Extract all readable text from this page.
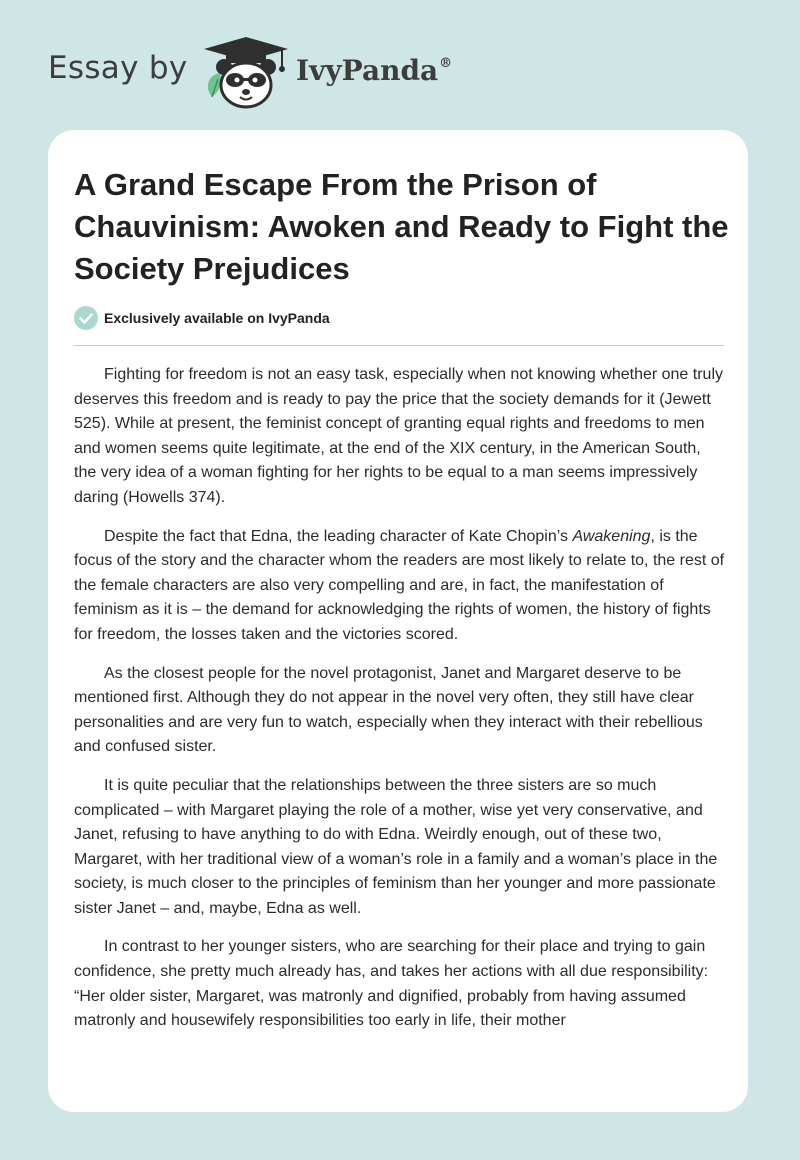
Essay by	IvyPanda®
A Grand Escape From the Prison of Chauvinism: Awoken and Ready to Fight the Society Prejudices
Exclusively available on IvyPanda

Fighting for freedom is not an easy task, especially when not knowing whether one truly deserves this freedom and is ready to pay the price that the society demands for it (Jewett 525). While at present, the feminist concept of granting equal rights and freedoms to men and women seems quite legitimate, at the end of the XIX century, in the American South, the very idea of a woman fighting for her rights to be equal to a man seems impressively daring (Howells 374).

Despite the fact that Edna, the leading character of Kate Chopin’s Awakening, is the focus of the story and the character whom the readers are most likely to relate to, the rest of the female characters are also very compelling and are, in fact, the manifestation of feminism as it is – the demand for acknowledging the rights of women, the history of fights for freedom, the losses taken and the victories scored.

As the closest people for the novel protagonist, Janet and Margaret deserve to be mentioned first. Although they do not appear in the novel very often, they still have clear personalities and are very fun to watch, especially when they interact with their rebellious and confused sister.

It is quite peculiar that the relationships between the three sisters are so much complicated – with Margaret playing the role of a mother, wise yet very conservative, and Janet, refusing to have anything to do with Edna. Weirdly enough, out of these two, Margaret, with her traditional view of a woman’s role in a family and a woman’s place in the society, is much closer to the principles of feminism than her younger and more passionate sister Janet – and, maybe, Edna as well.

In contrast to her younger sisters, who are searching for their place and trying to gain confidence, she pretty much already has, and takes her actions with all due responsibility: “Her older sister, Margaret, was matronly and dignified, probably from having assumed matronly and housewifely responsibilities too early in life, their mother
